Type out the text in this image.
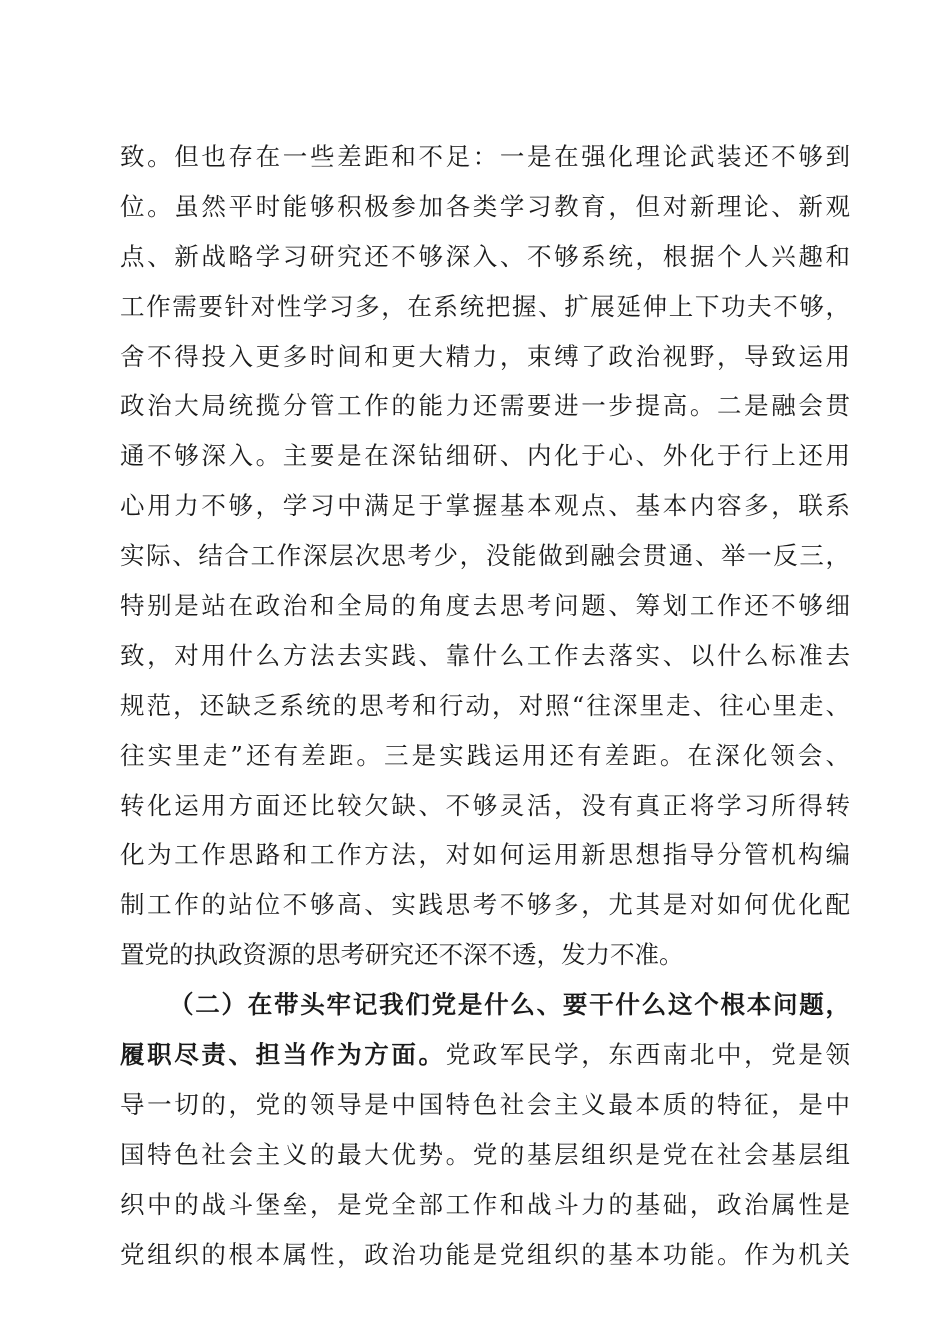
致。但也存在一些差距和不足：一是在强化理论武装还不够到
位。虽然平时能够积极参加各类学习教育，但对新理论、新观
点、新战略学习研究还不够深入、不够系统，根据个人兴趣和
工作需要针对性学习多，在系统把握、扩展延伸上下功夫不够，
舍不得投入更多时间和更大精力，束缚了政治视野，导致运用
政治大局统揽分管工作的能力还需要进一步提高。二是融会贯
通不够深入。主要是在深钻细研、内化于心、外化于行上还用
心用力不够，学习中满足于掌握基本观点、基本内容多，联系
实际、结合工作深层次思考少，没能做到融会贯通、举一反三，
特别是站在政治和全局的角度去思考问题、筹划工作还不够细
致，对用什么方法去实践、靠什么工作去落实、以什么标准去
规范，还缺乏系统的思考和行动，对照“往深里走、往心里走、
往实里走”还有差距。三是实践运用还有差距。在深化领会、
转化运用方面还比较欠缺、不够灵活，没有真正将学习所得转
化为工作思路和工作方法，对如何运用新思想指导分管机构编
制工作的站位不够高、实践思考不够多，尤其是对如何优化配
置党的执政资源的思考研究还不深不透，发力不准。
（二）在带头牢记我们党是什么、要干什么这个根本问题，
履职尽责、担当作为方面。党政军民学，东西南北中，党是领
导一切的，党的领导是中国特色社会主义最本质的特征，是中
国特色社会主义的最大优势。党的基层组织是党在社会基层组
织中的战斗堡垒，是党全部工作和战斗力的基础，政治属性是
党组织的根本属性，政治功能是党组织的基本功能。作为机关
